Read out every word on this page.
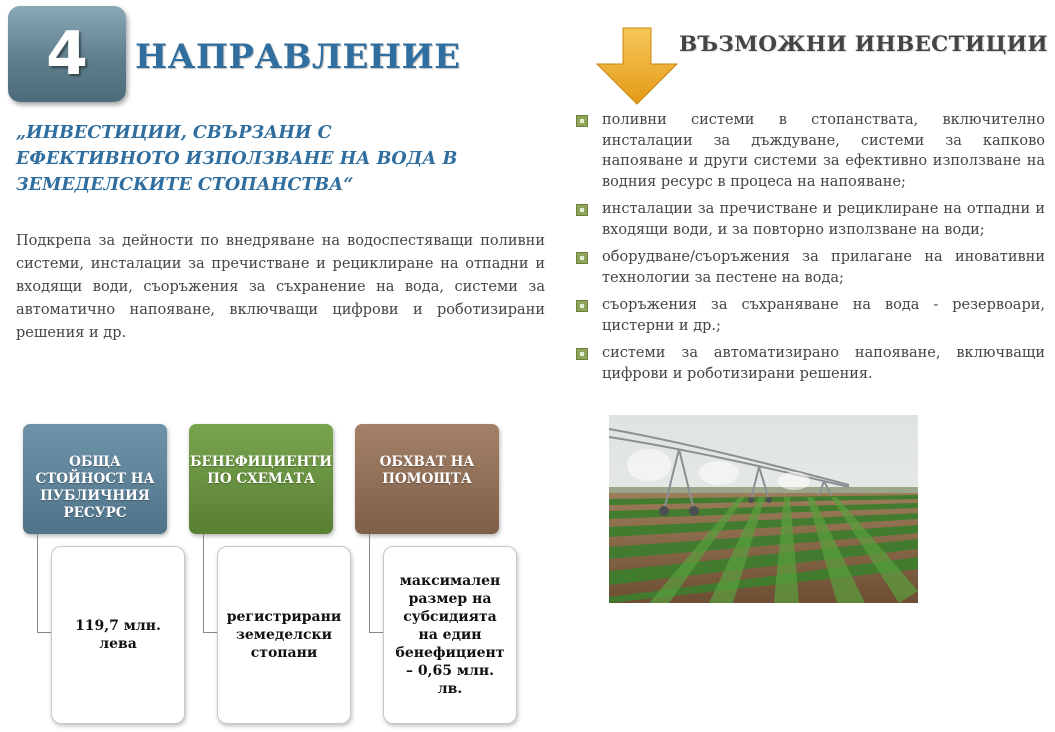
4	НАПРАВЛЕНИЕ
„ИНВЕСТИЦИИ, СВЪРЗАНИ С ЕФЕКТИВНОТО ИЗПОЛЗВАНЕ НА ВОДА В ЗЕМЕДЕЛСКИТЕ СТОПАНСТВА“
Подкрепа за дейности по внедряване на водоспестяващи поливни системи, инсталации за пречистване и рециклиране на отпадни и входящи води, съоръжения за съхранение на вода, системи за автоматично напояване, включващи цифрови и роботизирани решения и др.
ОБЩА СТОЙНОСТ НА ПУБЛИЧНИЯ РЕСУРС
119,7 млн. лева
БЕНЕФИЦИЕНТИ ПО СХЕМАТА
регистрирани земеделски стопани
ОБХВАТ НА ПОМОЩТА
максимален размер на субсидията на един бенефициент – 0,65 млн. лв.
ВЪЗМОЖНИ ИНВЕСТИЦИИ
поливни системи в стопанствата, включително инсталации за дъждуване, системи за капково напояване и други системи за ефективно използване на водния ресурс в процеса на напояване;
инсталации за пречистване и рециклиране на отпадни и входящи води, и за повторно използване на води;
оборудване/съоръжения за прилагане на иновативни технологии за пестене на вода;
съоръжения за съхраняване на вода - резервоари, цистерни и др.;
системи за автоматизирано напояване, включващи цифрови и роботизирани решения.
